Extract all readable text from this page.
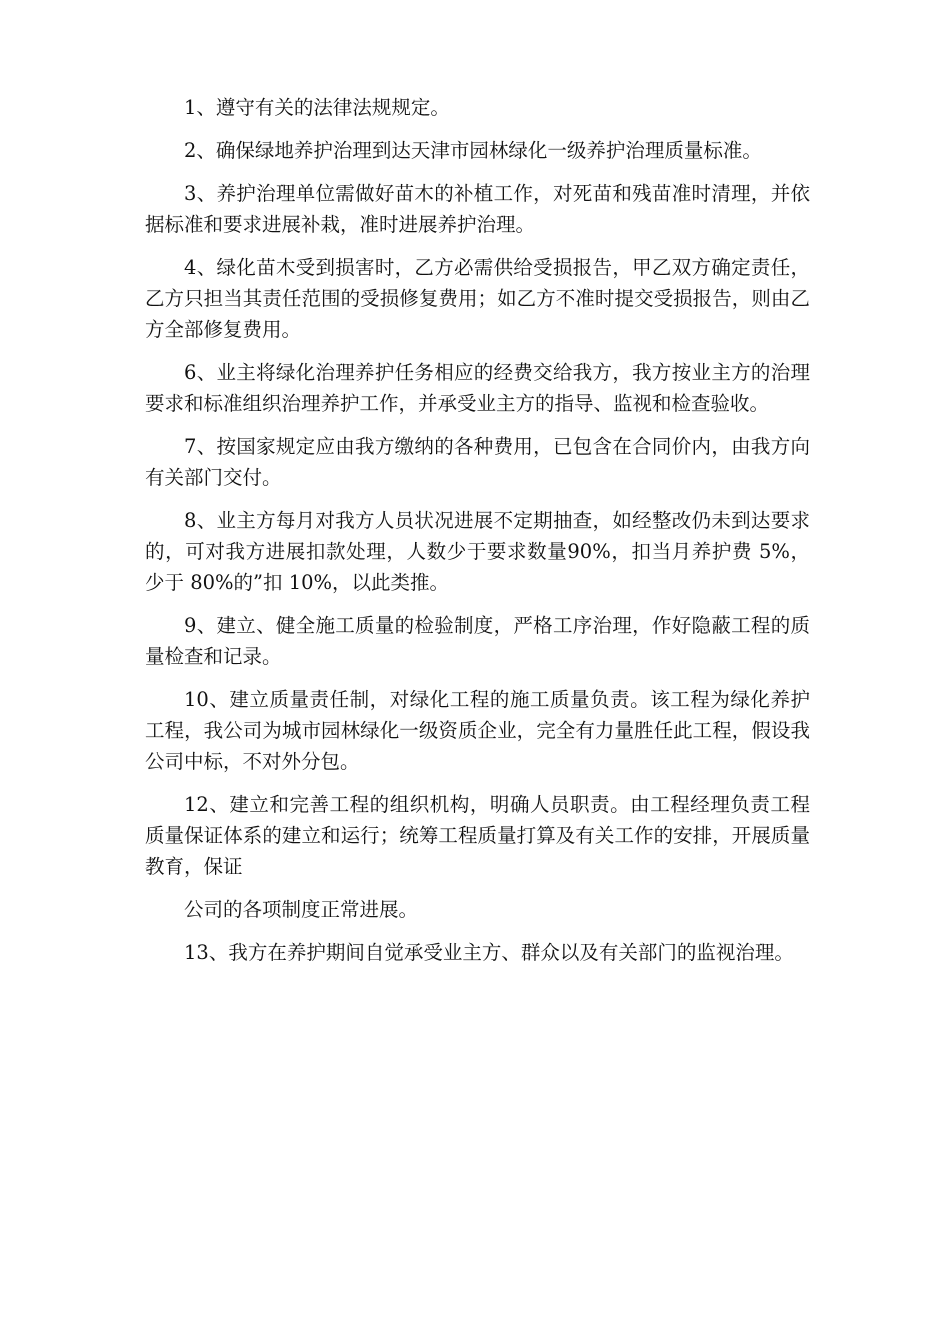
1、遵守有关的法律法规规定。

2、确保绿地养护治理到达天津市园林绿化一级养护治理质量标准。

3、养护治理单位需做好苗木的补植工作，对死苗和残苗准时清理，并依据标准和要求进展补栽，准时进展养护治理。

4、绿化苗木受到损害时，乙方必需供给受损报告，甲乙双方确定责任，乙方只担当其责任范围的受损修复费用；如乙方不准时提交受损报告，则由乙方全部修复费用。

6、业主将绿化治理养护任务相应的经费交给我方，我方按业主方的治理要求和标准组织治理养护工作，并承受业主方的指导、监视和检查验收。

7、按国家规定应由我方缴纳的各种费用，已包含在合同价内，由我方向有关部门交付。

8、业主方每月对我方人员状况进展不定期抽查，如经整改仍未到达要求的，可对我方进展扣款处理，人数少于要求数量90%，扣当月养护费 5%，少于 80%的”扣 10%，以此类推。

9、建立、健全施工质量的检验制度，严格工序治理，作好隐蔽工程的质量检查和记录。

10、建立质量责任制，对绿化工程的施工质量负责。该工程为绿化养护工程，我公司为城市园林绿化一级资质企业，完全有力量胜任此工程，假设我公司中标，不对外分包。

12、建立和完善工程的组织机构，明确人员职责。由工程经理负责工程质量保证体系的建立和运行；统筹工程质量打算及有关工作的安排，开展质量教育，保证

公司的各项制度正常进展。

13、我方在养护期间自觉承受业主方、群众以及有关部门的监视治理。
